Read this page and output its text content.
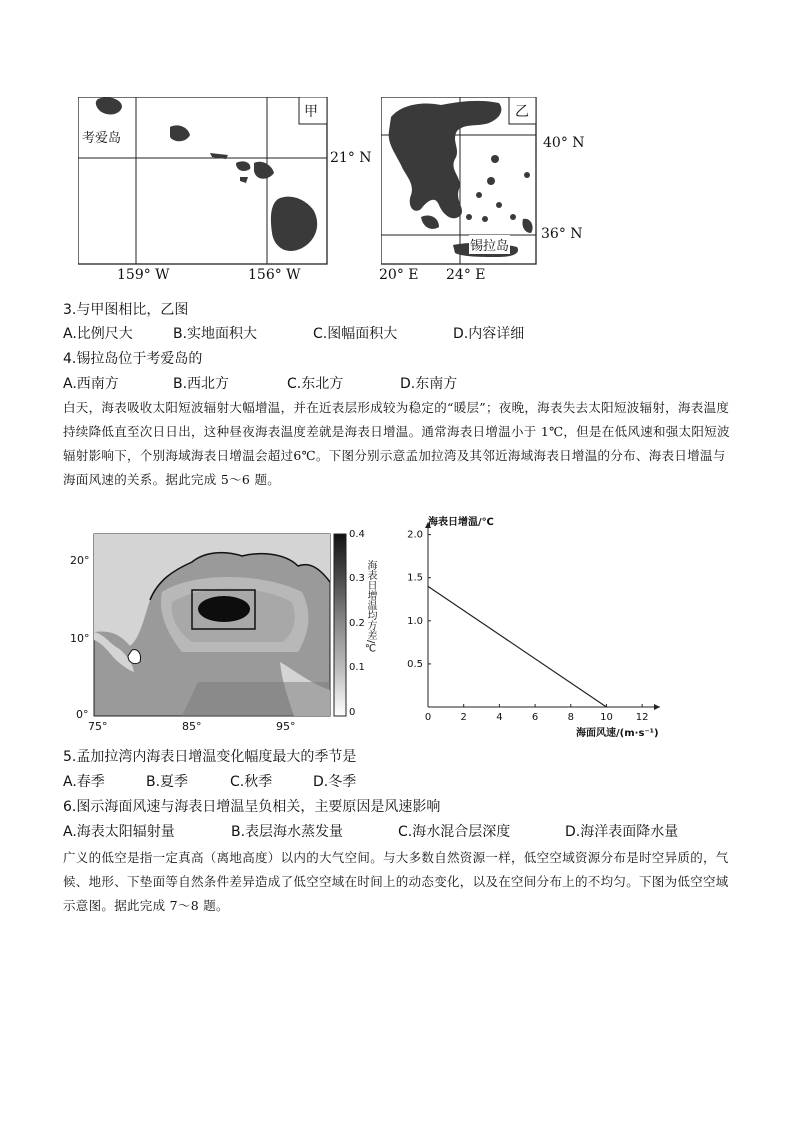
甲
考爱岛
21° N
159° W	156° W
乙
锡拉岛
40° N
36° N
20° E 24° E
3.与甲图相比，乙图
A.比例尺大	B.实地面积大	C.图幅面积大	D.内容详细
4.锡拉岛位于考爱岛的
A.西南方	B.西北方	C.东北方	D.东南方
白天，海表吸收太阳短波辐射大幅增温，并在近表层形成较为稳定的“暖层”；夜晚，海表失去太阳短波辐射，海表温度持续降低直至次日日出，这种昼夜海表温度差就是海表日增温。通常海表日增温小于 1℃，但是在低风速和强太阳短波辐射影响下，个别海域海表日增温会超过6℃。下图分别示意孟加拉湾及其邻近海域海表日增温的分布、海表日增温与海面风速的关系。据此完成 5～6 题。
20°
10°
0°
75°	85°	95°
0.4
0.3
0.2
0.1
0
海表日增温均方差/℃
0	2	4	6	8	10 12
0.5
1.0
1.5
2.0
海表日增温/℃
海面风速/(m·s⁻¹)
5.孟加拉湾内海表日增温变化幅度最大的季节是
A.春季	B.夏季	C.秋季	D.冬季
6.图示海面风速与海表日增温呈负相关，主要原因是风速影响
A.海表太阳辐射量	B.表层海水蒸发量	C.海水混合层深度	D.海洋表面降水量
广义的低空是指一定真高（离地高度）以内的大气空间。与大多数自然资源一样，低空空域资源分布是时空异质的，气候、地形、下垫面等自然条件差异造成了低空空域在时间上的动态变化，以及在空间分布上的不均匀。下图为低空空域示意图。据此完成 7～8 题。
